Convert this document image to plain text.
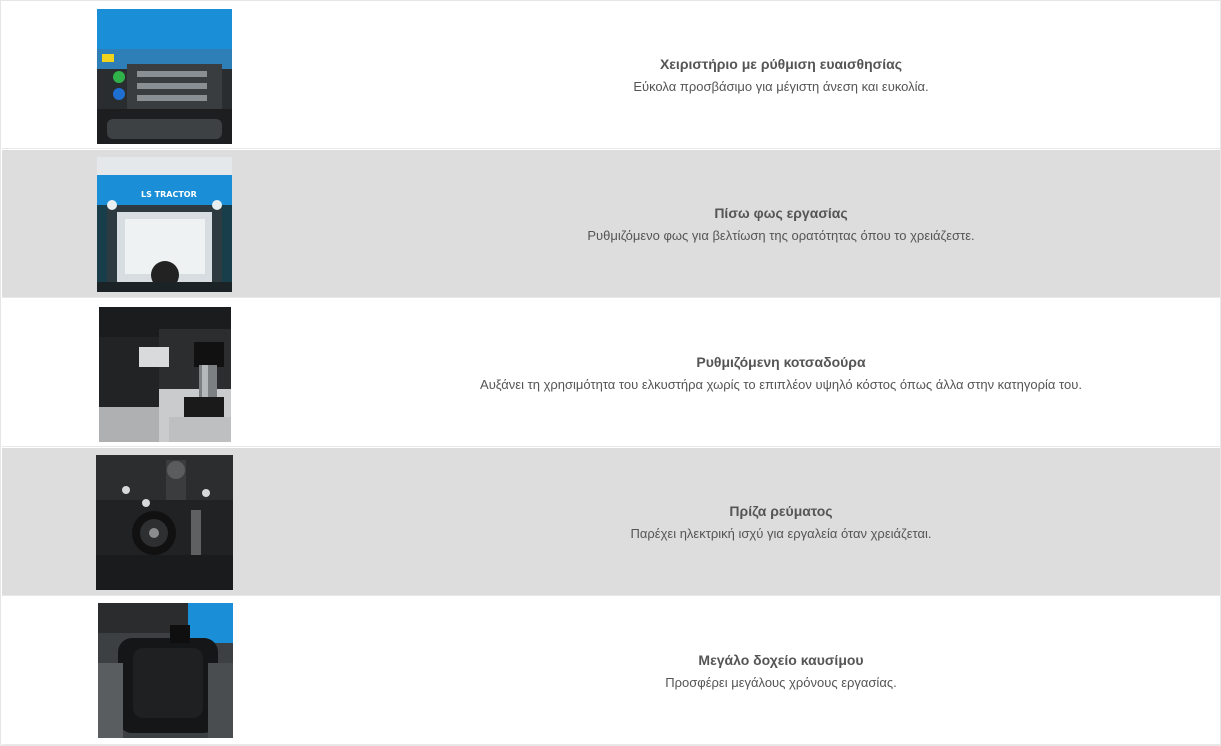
Χειριστήριο με ρύθμιση ευαισθησίας
Εύκολα προσβάσιμο για μέγιστη άνεση και ευκολία.
LS TRACTOR
Πίσω φως εργασίας
Ρυθμιζόμενο φως για βελτίωση της ορατότητας όπου το χρειάζεστε.
Ρυθμιζόμενη κοτσαδούρα
Αυξάνει τη χρησιμότητα του ελκυστήρα χωρίς το επιπλέον υψηλό κόστος όπως άλλα στην κατηγορία του.
Πρίζα ρεύματος
Παρέχει ηλεκτρική ισχύ για εργαλεία όταν χρειάζεται.
Μεγάλο δοχείο καυσίμου
Προσφέρει μεγάλους χρόνους εργασίας.
